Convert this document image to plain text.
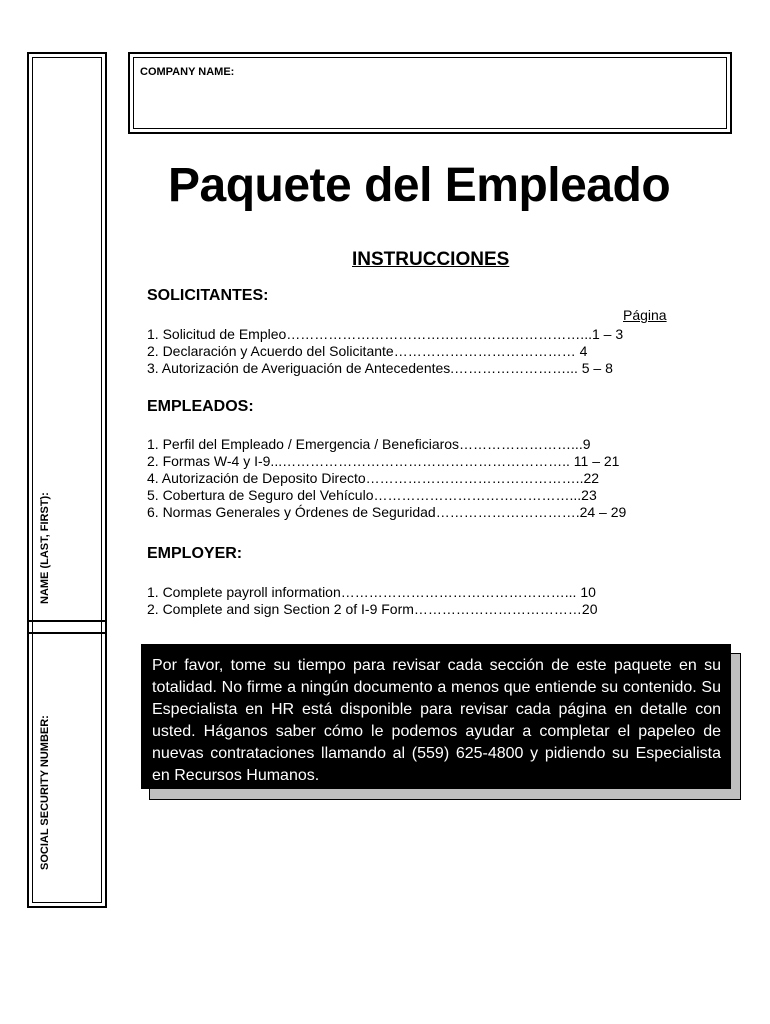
NAME (LAST, FIRST):
SOCIAL SECURITY NUMBER:
COMPANY NAME:
Paquete del Empleado
INSTRUCCIONES
SOLICITANTES:
Página
1. Solicitud de Empleo………………………………………………………...1 – 3
2. Declaración y Acuerdo del Solicitante………………………………… 4
3. Autorización de Averiguación de Antecedentes.……………………... 5 – 8
EMPLEADOS:
1. Perfil del Empleado / Emergencia / Beneficiaros……………………...9
2. Formas W-4 y I-9...…………………………………………………….. 11 – 21
4. Autorización de Deposito Directo………………………………………..22
5. Cobertura de Seguro del Vehículo……………………………………...23
6. Normas Generales y Órdenes de Seguridad………………………….24 – 29
EMPLOYER:
1. Complete payroll information…………………………………………... 10
2. Complete and sign Section 2 of I-9 Form………………………………20
Por favor, tome su tiempo para revisar cada sección de este paquete en su totalidad. No firme a ningún documento a menos que entiende su contenido. Su Especialista en HR está disponible para revisar cada página en detalle con usted. Háganos saber cómo le podemos ayudar a completar el papeleo de nuevas contrataciones llamando al (559) 625-4800 y pidiendo su Especialista en Recursos Humanos.
